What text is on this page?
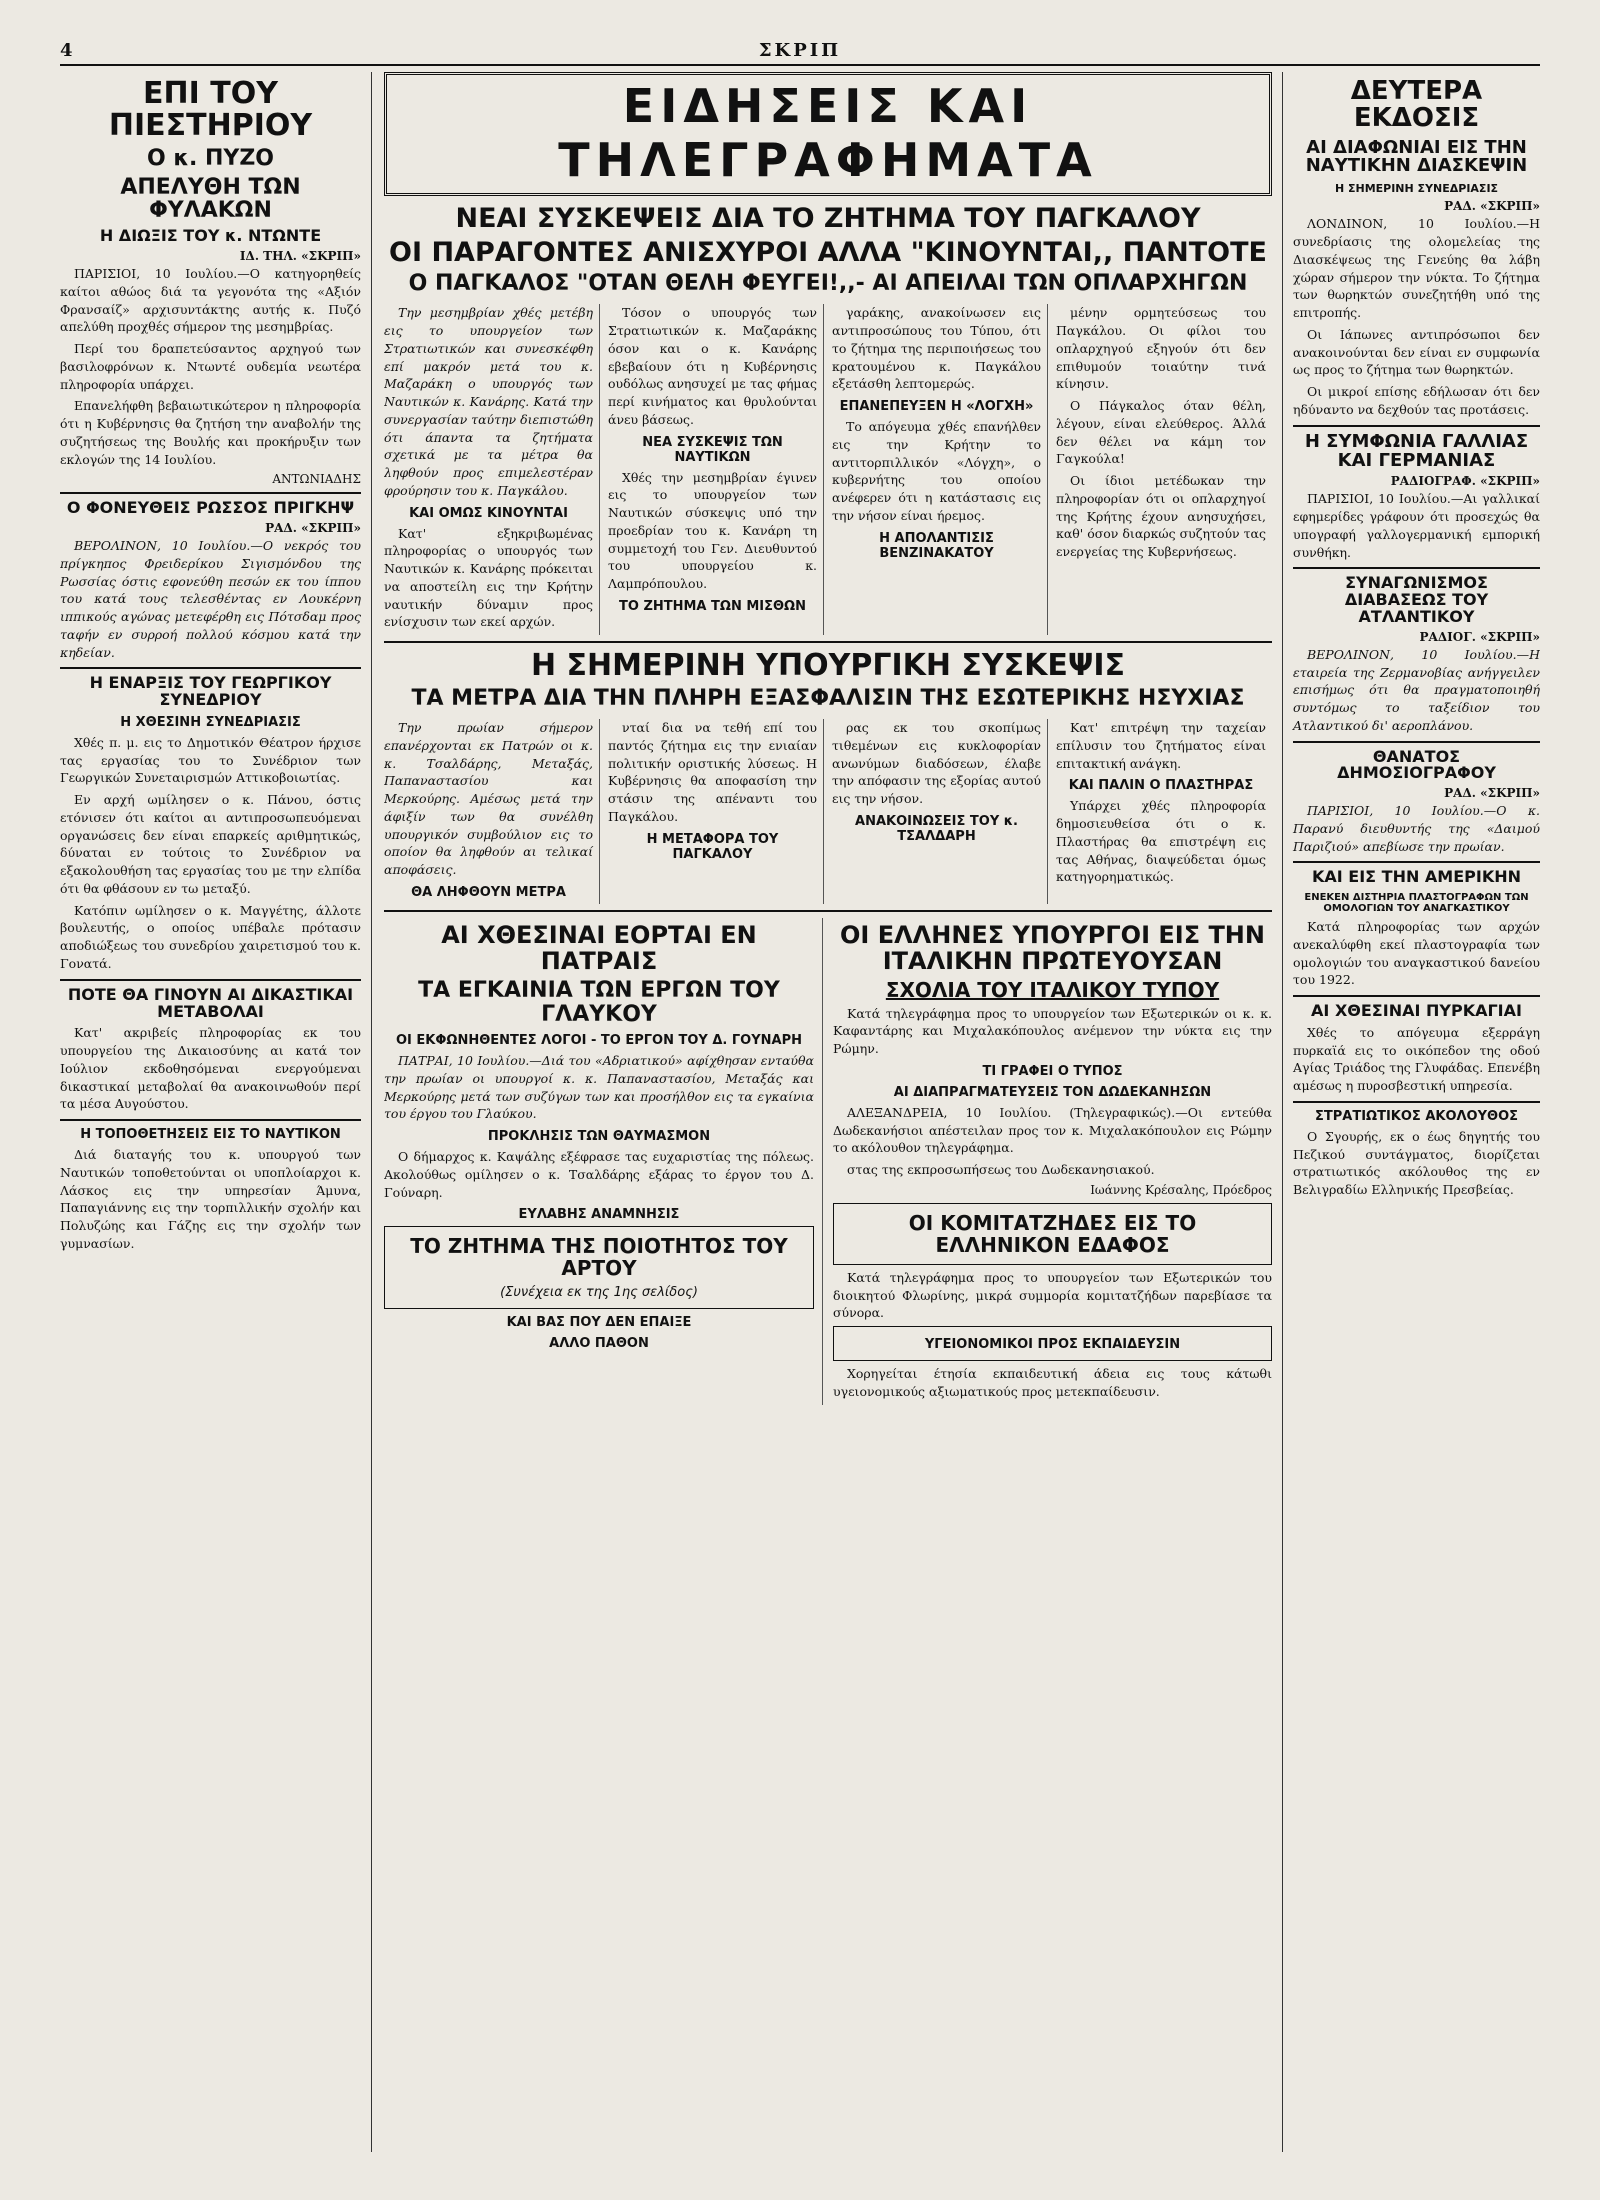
4	ΣΚΡΙΠ
ΕΠΙ ΤΟΥ ΠΙΕΣΤΗΡΙΟΥ
Ο κ. ΠΥΖΟ
ΑΠΕΛΥΘΗ ΤΩΝ ΦΥΛΑΚΩΝ
Η ΔΙΩΞΙΣ ΤΟΥ κ. ΝΤΩΝΤΕ
ΙΔ. ΤΗΛ. «ΣΚΡΙΠ»

ΠΑΡΙΣΙΟΙ, 10 Ιουλίου.—Ο κατηγορηθείς καίτοι αθώος διά τα γεγονότα της «Αξιόν Φρανσαίζ» αρχισυντάκτης αυτής κ. Πυζό απελύθη προχθές σήμερον της μεσημβρίας.

Περί του δραπετεύσαντος αρχηγού των βασιλοφρόνων κ. Ντωντέ ουδεμία νεωτέρα πληροφορία υπάρχει.

Επανελήφθη βεβαιωτικώτερον η πληροφορία ότι η Κυβέρνησις θα ζητήση την αναβολήν της συζητήσεως της Βουλής και προκήρυξιν των εκλογών της 14 Ιουλίου.

ΑΝΤΩΝΙΑΔΗΣ
Ο ΦΟΝΕΥΘΕΙΣ ΡΩΣΣΟΣ ΠΡΙΓΚΗΨ
ΡΑΔ. «ΣΚΡΙΠ»

ΒΕΡΟΛΙΝΟΝ, 10 Ιουλίου.—Ο νεκρός του πρίγκηπος Φρειδερίκου Σιγισμόνδου της Ρωσσίας όστις εφονεύθη πεσών εκ του ίππου του κατά τους τελεσθέντας εν Λουκέρνη ιππικούς αγώνας μετεφέρθη εις Πότσδαμ προς ταφήν εν συρροή πολλού κόσμου κατά την κηδείαν.

Η ΕΝΑΡΞΙΣ ΤΟΥ ΓΕΩΡΓΙΚΟΥ ΣΥΝΕΔΡΙΟΥ
Η ΧΘΕΣΙΝΗ ΣΥΝΕΔΡΙΑΣΙΣ

Χθές π. μ. εις το Δημοτικόν Θέατρον ήρχισε τας εργασίας του το Συνέδριον των Γεωργικών Συνεταιρισμών Αττικοβοιωτίας.

Εν αρχή ωμίλησεν ο κ. Πάνου, όστις ετόνισεν ότι καίτοι αι αντιπροσωπευόμεναι οργανώσεις δεν είναι επαρκείς αριθμητικώς, δύναται εν τούτοις το Συνέδριον να εξακολουθήση τας εργασίας του με την ελπίδα ότι θα φθάσουν εν τω μεταξύ.

Κατόπιν ωμίλησεν ο κ. Μαγγέτης, άλλοτε βουλευτής, ο οποίος υπέβαλε πρότασιν αποδιώξεως του συνεδρίου χαιρετισμού του κ. Γονατά.

ΠΟΤΕ ΘΑ ΓΙΝΟΥΝ ΑΙ ΔΙΚΑΣΤΙΚΑΙ ΜΕΤΑΒΟΛΑΙ

Κατ' ακριβείς πληροφορίας εκ του υπουργείου της Δικαιοσύνης αι κατά τον Ιούλιον εκδοθησόμεναι ενεργούμεναι δικαστικαί μεταβολαί θα ανακοινωθούν περί τα μέσα Αυγούστου.

Η ΤΟΠΟΘΕΤΗΣΕΙΣ ΕΙΣ ΤΟ ΝΑΥΤΙΚΟΝ

Διά διαταγής του κ. υπουργού των Ναυτικών τοποθετούνται οι υποπλοίαρχοι κ. Λάσκος εις την υπηρεσίαν Άμυνα, Παπαγιάννης εις την τορπιλλικήν σχολήν και Πολυζώης και Γάζης εις την σχολήν των γυμνασίων.

ΕΙΔΗΣΕΙΣ ΚΑΙ ΤΗΛΕΓΡΑΦΗΜΑΤΑ
ΝΕΑΙ ΣΥΣΚΕΨΕΙΣ ΔΙΑ ΤΟ ΖΗΤΗΜΑ ΤΟΥ ΠΑΓΚΑΛΟΥ
ΟΙ ΠΑΡΑΓΟΝΤΕΣ ΑΝΙΣΧΥΡΟΙ ΑΛΛΑ "ΚΙΝΟΥΝΤΑΙ,, ΠΑΝΤΟΤΕ
Ο ΠΑΓΚΑΛΟΣ "ΟΤΑΝ ΘΕΛΗ ΦΕΥΓΕΙ!,,- ΑΙ ΑΠΕΙΛΑΙ ΤΩΝ ΟΠΛΑΡΧΗΓΩΝ

Την μεσημβρίαν χθές μετέβη εις το υπουργείον των Στρατιωτικών και συνεσκέφθη επί μακρόν μετά του κ. Μαζαράκη ο υπουργός των Ναυτικών κ. Κανάρης. Κατά την συνεργασίαν ταύτην διεπιστώθη ότι άπαντα τα ζητήματα σχετικά με τα μέτρα θα ληφθούν προς επιμελεστέραν φρούρησιν του κ. Παγκάλου.

ΚΑΙ ΟΜΩΣ ΚΙΝΟΥΝΤΑΙ

Κατ' εξηκριβωμένας πληροφορίας ο υπουργός των Ναυτικών κ. Κανάρης πρόκειται να αποστείλη εις την Κρήτην ναυτικήν δύναμιν προς ενίσχυσιν των εκεί αρχών.

Τόσον ο υπουργός των Στρατιωτικών κ. Μαζαράκης όσον και ο κ. Κανάρης εβεβαίουν ότι η Κυβέρνησις ουδόλως ανησυχεί με τας φήμας περί κινήματος και θρυλούνται άνευ βάσεως.

ΝΕΑ ΣΥΣΚΕΨΙΣ ΤΩΝ ΝΑΥΤΙΚΩΝ

Χθές την μεσημβρίαν έγινεν εις το υπουργείον των Ναυτικών σύσκεψις υπό την προεδρίαν του κ. Κανάρη τη συμμετοχή του Γεν. Διευθυντού του υπουργείου κ. Λαμπρόπουλου.

ΤΟ ΖΗΤΗΜΑ ΤΩΝ ΜΙΣΘΩΝ

γαράκης, ανακοίνωσεν εις αντιπροσώπους του Τύπου, ότι το ζήτημα της περιποιήσεως του κρατουμένου κ. Παγκάλου εξετάσθη λεπτομερώς.

ΕΠΑΝΕΠΕΥΞΕΝ Η «ΛΟΓΧΗ»

Το απόγευμα χθές επανήλθεν εις την Κρήτην το αντιτορπιλλικόν «Λόγχη», ο κυβερνήτης του οποίου ανέφερεν ότι η κατάστασις εις την νήσον είναι ήρεμος.

Η ΑΠΟΛΑΝΤΙΣΙΣ ΒΕΝΖΙΝΑΚΑΤΟΥ

μένην ορμητεύσεως του Παγκάλου. Οι φίλοι του οπλαρχηγού εξηγούν ότι δεν επιθυμούν τοιαύτην τινά κίνησιν.

Ο Πάγκαλος όταν θέλη, λέγουν, είναι ελεύθερος. Άλλά δεν θέλει να κάμη τον Γαγκούλα!

Οι ίδιοι μετέδωκαν την πληροφορίαν ότι οι οπλαρχηγοί της Κρήτης έχουν ανησυχήσει, καθ' όσον διαρκώς συζητούν τας ενεργείας της Κυβερνήσεως.

Η ΣΗΜΕΡΙΝΗ ΥΠΟΥΡΓΙΚΗ ΣΥΣΚΕΨΙΣ
ΤΑ ΜΕΤΡΑ ΔΙΑ ΤΗΝ ΠΛΗΡΗ ΕΞΑΣΦΑΛΙΣΙΝ ΤΗΣ ΕΣΩΤΕΡΙΚΗΣ ΗΣΥΧΙΑΣ

Την πρωίαν σήμερον επανέρχονται εκ Πατρών οι κ. κ. Τσαλδάρης, Μεταξάς, Παπαναστασίου και Μερκούρης. Αμέσως μετά την άφιξίν των θα συνέλθη υπουργικόν συμβούλιον εις το οποίον θα ληφθούν αι τελικαί αποφάσεις.

ΘΑ ΛΗΦΘΟΥΝ ΜΕΤΡΑ

νταί δια να τεθή επί του παντός ζήτημα εις την ενιαίαν πολιτικήν οριστικής λύσεως. Η Κυβέρνησις θα αποφασίση την στάσιν της απέναντι του Παγκάλου.

Η ΜΕΤΑΦΟΡΑ ΤΟΥ ΠΑΓΚΑΛΟΥ

ρας εκ του σκοπίμως τιθεμένων εις κυκλοφορίαν ανωνύμων διαδόσεων, έλαβε την απόφασιν της εξορίας αυτού εις την νήσον.

ΑΝΑΚΟΙΝΩΣΕΙΣ ΤΟΥ κ. ΤΣΑΛΔΑΡΗ

Κατ' επιτρέψη την ταχείαν επίλυσιν του ζητήματος είναι επιτακτική ανάγκη.

ΚΑΙ ΠΑΛΙΝ Ο ΠΛΑΣΤΗΡΑΣ

Υπάρχει χθές πληροφορία δημοσιευθείσα ότι ο κ. Πλαστήρας θα επιστρέψη εις τας Αθήνας, διαψεύδεται όμως κατηγορηματικώς.

ΑΙ ΧΘΕΣΙΝΑΙ ΕΟΡΤΑΙ ΕΝ ΠΑΤΡΑΙΣ
ΤΑ ΕΓΚΑΙΝΙΑ ΤΩΝ ΕΡΓΩΝ ΤΟΥ ΓΛΑΥΚΟΥ
ΟΙ ΕΚΦΩΝΗΘΕΝΤΕΣ ΛΟΓΟΙ - ΤΟ ΕΡΓΟΝ ΤΟΥ Δ. ΓΟΥΝΑΡΗ

ΠΑΤΡΑΙ, 10 Ιουλίου.—Διά του «Αδριατικού» αφίχθησαν ενταύθα την πρωίαν οι υπουργοί κ. κ. Παπαναστασίου, Μεταξάς και Μερκούρης μετά των συζύγων των και προσήλθον εις τα εγκαίνια του έργου του Γλαύκου.

ΠΡΟΚΛΗΣΙΣ ΤΩΝ ΘΑΥΜΑΣΜΟΝ

Ο δήμαρχος κ. Καψάλης εξέφρασε τας ευχαριστίας της πόλεως. Ακολούθως ομίλησεν ο κ. Τσαλδάρης εξάρας το έργον του Δ. Γούναρη.

ΕΥΛΑΒΗΣ ΑΝΑΜΝΗΣΙΣ
ΤΟ ΖΗΤΗΜΑ ΤΗΣ ΠΟΙΟΤΗΤΟΣ ΤΟΥ ΑΡΤΟΥ
(Συνέχεια εκ της 1ης σελίδος)
ΚΑΙ ΒΑΣ ΠΟΥ ΔΕΝ ΕΠΑΙΞΕ
ΑΛΛΟ ΠΑΘΟΝ
ΟΙ ΕΛΛΗΝΕΣ ΥΠΟΥΡΓΟΙ ΕΙΣ ΤΗΝ ΙΤΑΛΙΚΗΝ ΠΡΩΤΕΥΟΥΣΑΝ
ΣΧΟΛΙΑ ΤΟΥ ΙΤΑΛΙΚΟΥ ΤΥΠΟΥ

Κατά τηλεγράφημα προς το υπουργείον των Εξωτερικών οι κ. κ. Καφαντάρης και Μιχαλακόπουλος ανέμενον την νύκτα εις την Ρώμην.

ΤΙ ΓΡΑΦΕΙ Ο ΤΥΠΟΣ
ΑΙ ΔΙΑΠΡΑΓΜΑΤΕΥΣΕΙΣ ΤΟΝ ΔΩΔΕΚΑΝΗΣΩΝ

ΑΛΕΞΑΝΔΡΕΙΑ, 10 Ιουλίου. (Τηλεγραφικώς).—Οι εντεύθα Δωδεκανήσιοι απέστειλαν προς τον κ. Μιχαλακόπουλον εις Ρώμην το ακόλουθον τηλεγράφημα.

στας της εκπροσωπήσεως του Δωδεκανησιακού.

Ιωάννης Κρέσαλης, Πρόεδρος
ΟΙ ΚΟΜΙΤΑΤΖΗΔΕΣ ΕΙΣ ΤΟ ΕΛΛΗΝΙΚΟΝ ΕΔΑΦΟΣ

Κατά τηλεγράφημα προς το υπουργείον των Εξωτερικών του διοικητού Φλωρίνης, μικρά συμμορία κομιτατζήδων παρεβίασε τα σύνορα.

ΥΓΕΙΟΝΟΜΙΚΟΙ ΠΡΟΣ ΕΚΠΑΙΔΕΥΣΙΝ

Χορηγείται έτησία εκπαιδευτική άδεια εις τους κάτωθι υγειονομικούς αξιωματικούς προς μετεκπαίδευσιν.

ΔΕΥΤΕΡΑ ΕΚΔΟΣΙΣ
ΑΙ ΔΙΑΦΩΝΙΑΙ ΕΙΣ ΤΗΝ ΝΑΥΤΙΚΗΝ ΔΙΑΣΚΕΨΙΝ
Η ΣΗΜΕΡΙΝΗ ΣΥΝΕΔΡΙΑΣΙΣ
ΡΑΔ. «ΣΚΡΙΠ»

ΛΟΝΔΙΝΟΝ, 10 Ιουλίου.—Η συνεδρίασις της ολομελείας της Διασκέψεως της Γενεύης θα λάβη χώραν σήμερον την νύκτα. Το ζήτημα των θωρηκτών συνεζητήθη υπό της επιτροπής.

Οι Ιάπωνες αντιπρόσωποι δεν ανακοινούνται δεν είναι εν συμφωνία ως προς το ζήτημα των θωρηκτών.

Οι μικροί επίσης εδήλωσαν ότι δεν ηδύναντο να δεχθούν τας προτάσεις.

Η ΣΥΜΦΩΝΙΑ ΓΑΛΛΙΑΣ ΚΑΙ ΓΕΡΜΑΝΙΑΣ
ΡΑΔΙΟΓΡΑΦ. «ΣΚΡΙΠ»

ΠΑΡΙΣΙΟΙ, 10 Ιουλίου.—Αι γαλλικαί εφημερίδες γράφουν ότι προσεχώς θα υπογραφή γαλλογερμανική εμπορική συνθήκη.

ΣΥΝΑΓΩΝΙΣΜΟΣ ΔΙΑΒΑΣΕΩΣ ΤΟΥ ΑΤΛΑΝΤΙΚΟΥ
ΡΑΔΙΟΓ. «ΣΚΡΙΠ»

ΒΕΡΟΛΙΝΟΝ, 10 Ιουλίου.—Η εταιρεία της Ζερμανοβίας ανήγγειλεν επισήμως ότι θα πραγματοποιηθή συντόμως το ταξείδιον του Ατλαντικού δι' αεροπλάνου.

ΘΑΝΑΤΟΣ ΔΗΜΟΣΙΟΓΡΑΦΟΥ
ΡΑΔ. «ΣΚΡΙΠ»

ΠΑΡΙΣΙΟΙ, 10 Ιουλίου.—Ο κ. Παρανύ διευθυντής της «Δαιμού Παριζιού» απεβίωσε την πρωίαν.

ΚΑΙ ΕΙΣ ΤΗΝ ΑΜΕΡΙΚΗΝ
ΕΝΕΚΕΝ ΔΙΣΤΗΡΙΑ ΠΛΑΣΤΟΓΡΑΦΩΝ ΤΩΝ ΟΜΟΛΟΓΙΩΝ ΤΟΥ ΑΝΑΓΚΑΣΤΙΚΟΥ

Κατά πληροφορίας των αρχών ανεκαλύφθη εκεί πλαστογραφία των ομολογιών του αναγκαστικού δανείου του 1922.

ΑΙ ΧΘΕΣΙΝΑΙ ΠΥΡΚΑΓΙΑΙ

Χθές το απόγευμα εξερράγη πυρκαϊά εις το οικόπεδον της οδού Αγίας Τριάδος της Γλυφάδας. Επενέβη αμέσως η πυροσβεστική υπηρεσία.

ΣΤΡΑΤΙΩΤΙΚΟΣ ΑΚΟΛΟΥΘΟΣ

Ο Σγουρής, εκ ο έως δηγητής του Πεζικού συντάγματος, διορίζεται στρατιωτικός ακόλουθος της εν Βελιγραδίω Ελληνικής Πρεσβείας.
